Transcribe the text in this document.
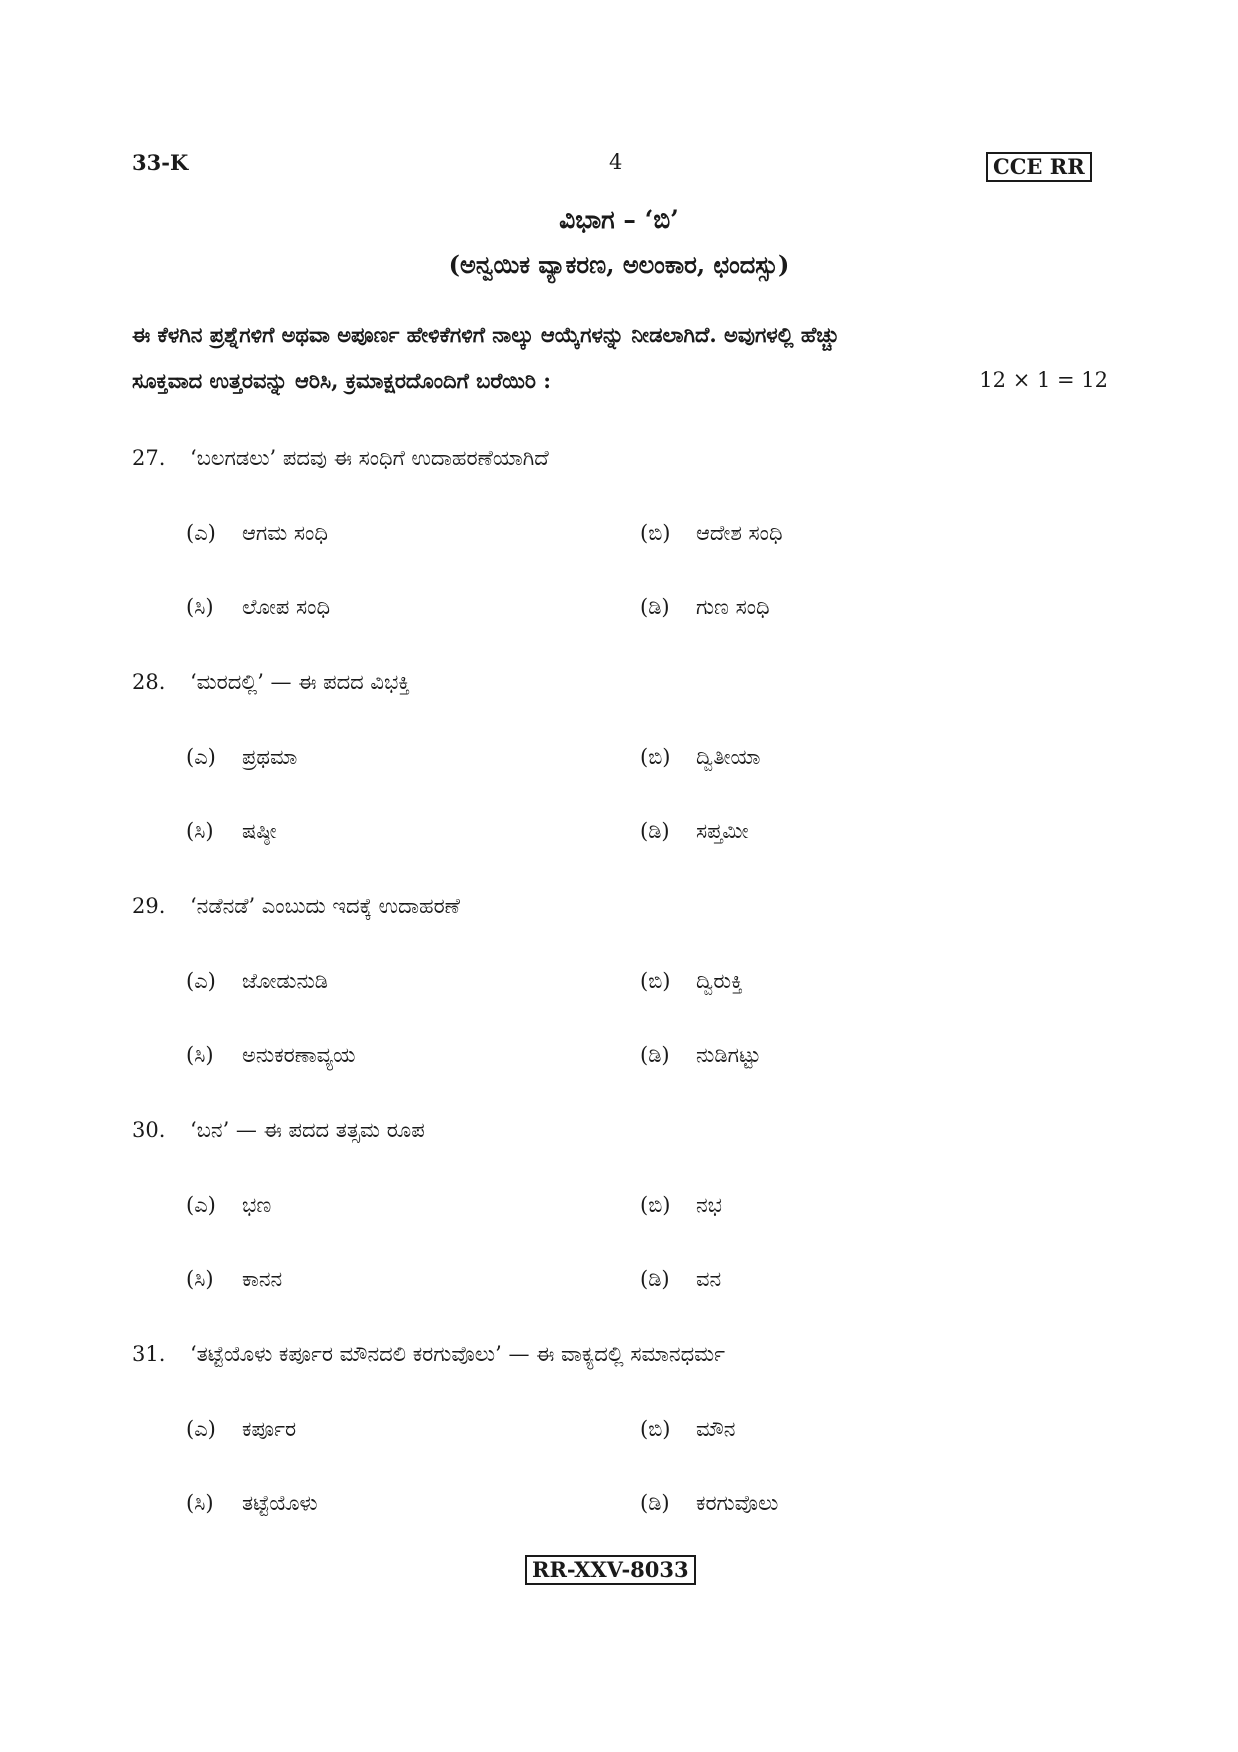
33-K	4	CCE RR
ವಿಭಾಗ – ‘ಬಿ’
(ಅನ್ವಯಿಕ ವ್ಯಾಕರಣ, ಅಲಂಕಾರ, ಛಂದಸ್ಸು)
ಈ ಕೆಳಗಿನ ಪ್ರಶ್ನೆಗಳಿಗೆ ಅಥವಾ ಅಪೂರ್ಣ ಹೇಳಿಕೆಗಳಿಗೆ ನಾಲ್ಕು ಆಯ್ಕೆಗಳನ್ನು ನೀಡಲಾಗಿದೆ. ಅವುಗಳಲ್ಲಿ ಹೆಚ್ಚು
ಸೂಕ್ತವಾದ ಉತ್ತರವನ್ನು ಆರಿಸಿ, ಕ್ರಮಾಕ್ಷರದೊಂದಿಗೆ ಬರೆಯಿರಿ :	12 × 1 = 12
27. ‘ಬಲಗಡಲು’ ಪದವು ಈ ಸಂಧಿಗೆ ಉದಾಹರಣೆಯಾಗಿದೆ
(ಎ) ಆಗಮ ಸಂಧಿ	(ಬಿ) ಆದೇಶ ಸಂಧಿ
(ಸಿ) ಲೋಪ ಸಂಧಿ	(ಡಿ) ಗುಣ ಸಂಧಿ
28. ‘ಮರದಲ್ಲಿ’ — ಈ ಪದದ ವಿಭಕ್ತಿ
(ಎ) ಪ್ರಥಮಾ	(ಬಿ) ದ್ವಿತೀಯಾ
(ಸಿ) ಷಷ್ಠೀ	(ಡಿ) ಸಪ್ತಮೀ
29. ‘ನಡೆನಡೆ’ ಎಂಬುದು ಇದಕ್ಕೆ ಉದಾಹರಣೆ
(ಎ) ಜೋಡುನುಡಿ	(ಬಿ) ದ್ವಿರುಕ್ತಿ
(ಸಿ) ಅನುಕರಣಾವ್ಯಯ	(ಡಿ) ನುಡಿಗಟ್ಟು
30. ‘ಬನ’ — ಈ ಪದದ ತತ್ಸಮ ರೂಪ
(ಎ) ಭಣ	(ಬಿ) ನಭ
(ಸಿ) ಕಾನನ	(ಡಿ) ವನ
31. ‘ತಟ್ಟೆಯೊಳು ಕರ್ಪೂರ ಮೌನದಲಿ ಕರಗುವೊಲು’ — ಈ ವಾಕ್ಯದಲ್ಲಿ ಸಮಾನಧರ್ಮ
(ಎ) ಕರ್ಪೂರ	(ಬಿ) ಮೌನ
(ಸಿ) ತಟ್ಟೆಯೊಳು	(ಡಿ) ಕರಗುವೊಲು
RR-XXV-8033
